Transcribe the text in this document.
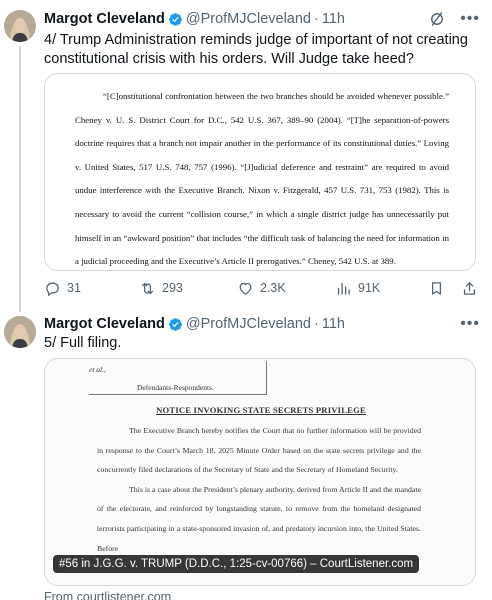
Margot Cleveland @ProfMJCleveland · 11h	•••
4/ Trump Administration reminds judge of important of not creating constitutional crisis with his orders. Will Judge take heed?

“[C]onstitutional confrontation between the two branches should be avoided whenever possible.” Cheney v. U. S. District Court for D.C., 542 U.S. 367, 389–90 (2004). “[T]he separation-of-powers doctrine requires that a branch not impair another in the performance of its constitutional duties.” Loving v. United States, 517 U.S. 748, 757 (1996). “[J]udicial deference and restraint” are required to avoid undue interference with the Executive Branch. Nixon v. Fitzgerald, 457 U.S. 731, 753 (1982). This is necessary to avoid the current “collision course,” in which a single district judge has unnecessarily put himself in an “awkward position” that includes “the difficult task of balancing the need for information in a judicial proceeding and the Executive’s Article II prerogatives.” Cheney, 542 U.S. at 389.

31	293	2.3K	91K
Margot Cleveland @ProfMJCleveland · 11h	•••
5/ Full filing.
et al.,
Defendants-Respondents.
NOTICE INVOKING STATE SECRETS PRIVILEGE

The Executive Branch hereby notifies the Court that no further information will be provided in response to the Court’s March 18, 2025 Minute Order based on the state secrets privilege and the concurrently filed declarations of the Secretary of State and the Secretary of Homeland Security.

This is a case about the President’s plenary authority, derived from Article II and the mandate of the electorate, and reinforced by longstanding statute, to remove from the homeland designated terrorists participating in a state-sponsored invasion of, and predatory incursion into, the United States. Before

#56 in J.G.G. v. TRUMP (D.D.C., 1:25-cv-00766) – CourtListener.com
From courtlistener.com
